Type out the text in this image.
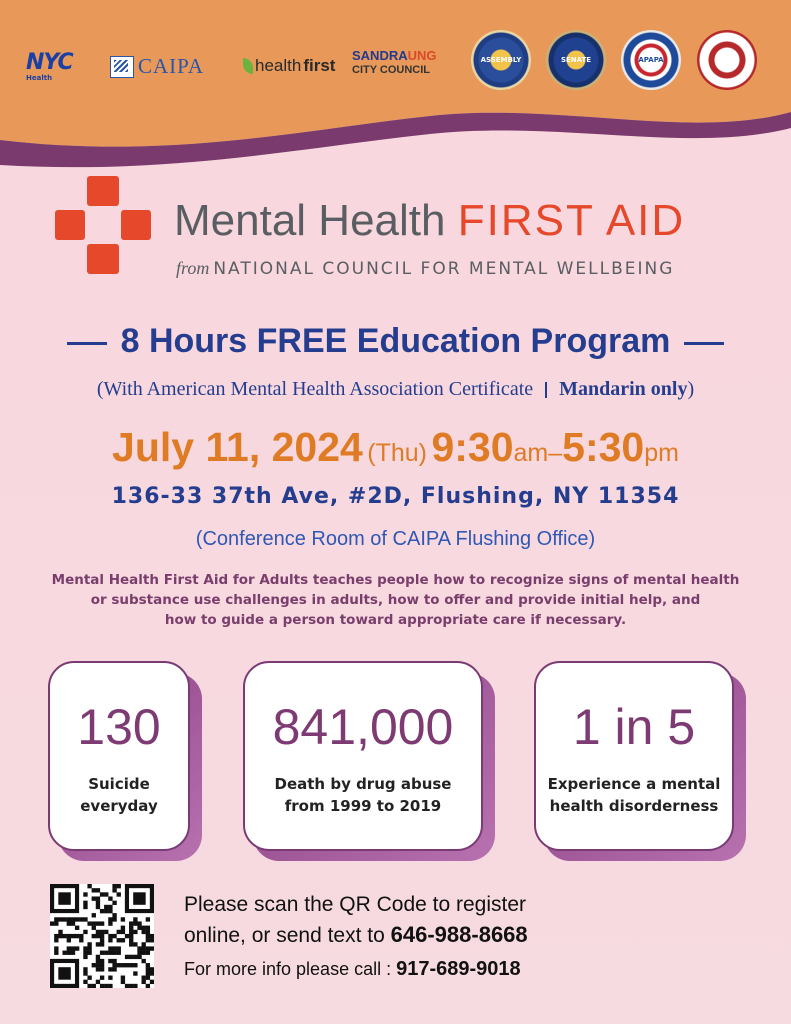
NYC
Health	CAIPA	health first
SANDRAUNG
CITY COUNCIL
ASSEMBLY	SENATE	APAPA
Mental Health FIRST AID
from NATIONAL COUNCIL FOR MENTAL WELLBEING
8 Hours FREE Education Program
(With American Mental Health Association Certificate Mandarin only)
July 11, 2024 (Thu) 9:30am–5:30pm
136-33 37th Ave, #2D, Flushing, NY 11354
(Conference Room of CAIPA Flushing Office)
Mental Health First Aid for Adults teaches people how to recognize signs of mental health
or substance use challenges in adults, how to offer and provide initial help, and
how to guide a person toward appropriate care if necessary.
130
Suicide
everyday
841,000
Death by drug abuse
from 1999 to 2019
1 in 5
Experience a mental
health disorderness
Please scan the QR Code to register
online, or send text to 646-988-8668
For more info please call : 917-689-9018
